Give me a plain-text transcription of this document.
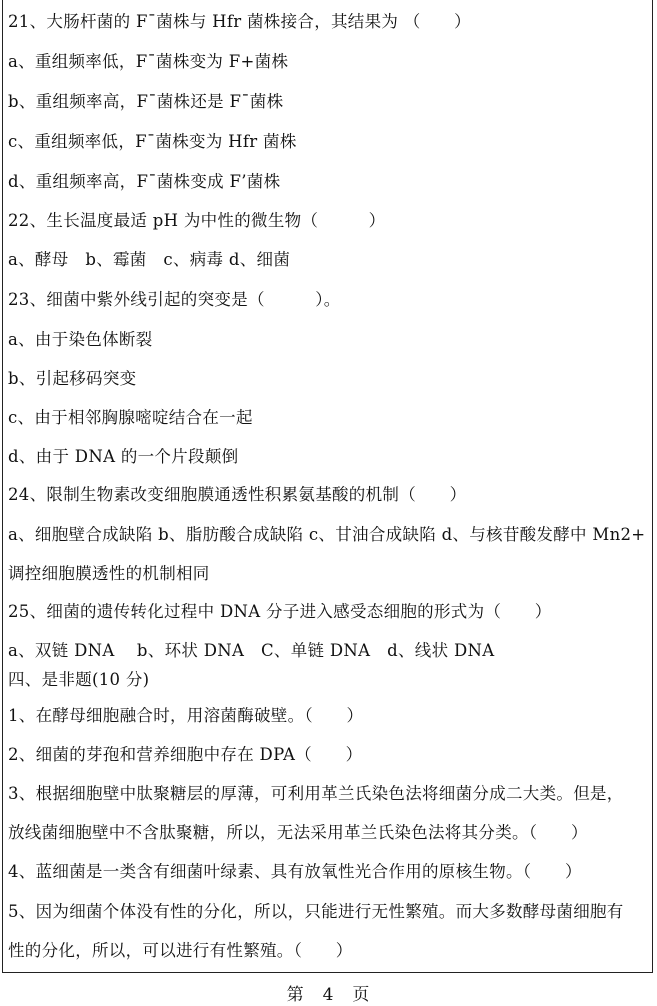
21、大肠杆菌的 F¯菌株与 Hfr 菌株接合，其结果为 （　　）
a、重组频率低，F¯菌株变为 F+菌株
b、重组频率高，F¯菌株还是 F¯菌株
c、重组频率低，F¯菌株变为 Hfr 菌株
d、重组频率高，F¯菌株变成 F’菌株
22、生长温度最适 pH 为中性的微生物（　　　）
a、酵母　b、霉菌　c、病毒 d、细菌
23、细菌中紫外线引起的突变是（　　　）。
a、由于染色体断裂
b、引起移码突变
c、由于相邻胸腺嘧啶结合在一起
d、由于 DNA 的一个片段颠倒
24、限制生物素改变细胞膜通透性积累氨基酸的机制（　　）
a、细胞壁合成缺陷 b、脂肪酸合成缺陷 c、甘油合成缺陷 d、与核苷酸发酵中 Mn2+
调控细胞膜透性的机制相同
25、细菌的遗传转化过程中 DNA 分子进入感受态细胞的形式为（　　）
a、双链 DNA　 b、环状 DNA　C、单链 DNA　d、线状 DNA
四、是非题(10 分)
1、在酵母细胞融合时，用溶菌酶破壁。（　　）
2、细菌的芽孢和营养细胞中存在 DPA（　　）
3、根据细胞壁中肽聚糖层的厚薄，可利用革兰氏染色法将细菌分成二大类。但是，
放线菌细胞壁中不含肽聚糖，所以，无法采用革兰氏染色法将其分类。（　　）
4、蓝细菌是一类含有细菌叶绿素、具有放氧性光合作用的原核生物。（　　）
5、因为细菌个体没有性的分化，所以，只能进行无性繁殖。而大多数酵母菌细胞有
性的分化，所以，可以进行有性繁殖。（　　）
第　4　页
